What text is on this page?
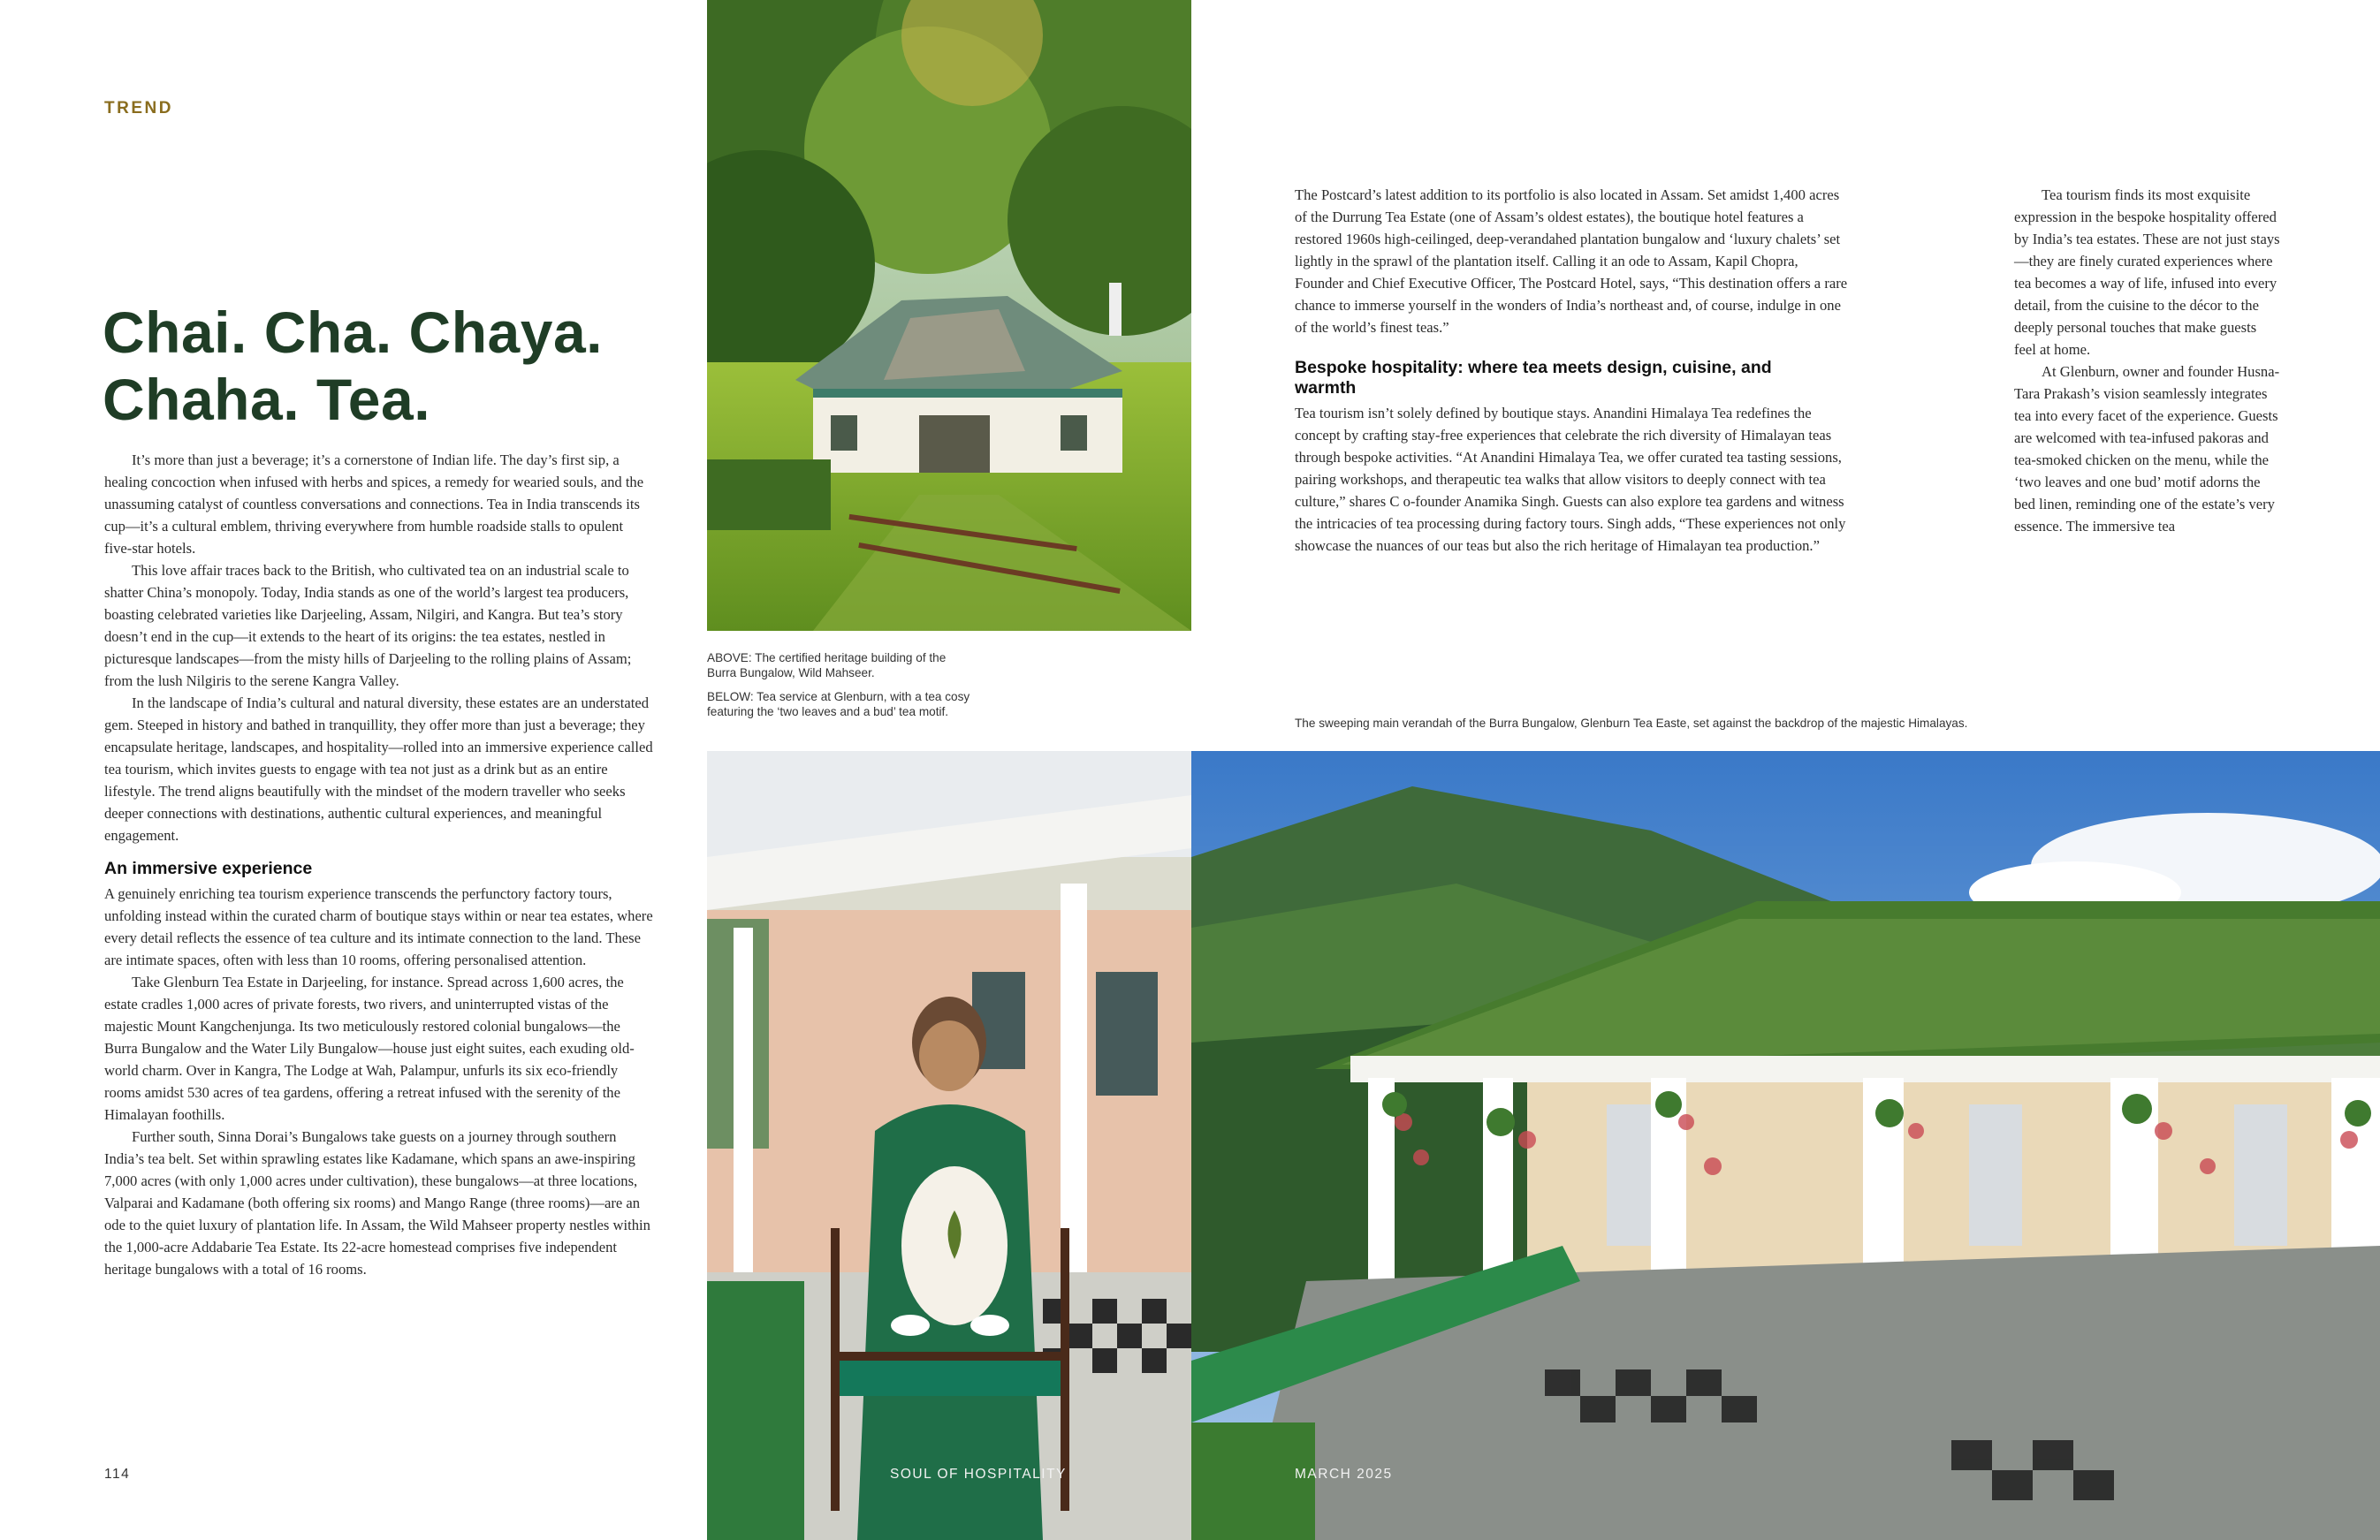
TREND
Chai. Cha. Chaya. Chaha. Tea.

It’s more than just a beverage; it’s a cornerstone of Indian life. The day’s first sip, a healing concoction when infused with herbs and spices, a remedy for wearied souls, and the unassuming catalyst of countless conversations and connections. Tea in India transcends its cup—it’s a cultural emblem, thriving everywhere from humble roadside stalls to opulent five-star hotels.

This love affair traces back to the British, who cultivated tea on an industrial scale to shatter China’s monopoly. Today, India stands as one of the world’s largest tea producers, boasting celebrated varieties like Darjeeling, Assam, Nilgiri, and Kangra. But tea’s story doesn’t end in the cup—it extends to the heart of its origins: the tea estates, nestled in picturesque landscapes—from the misty hills of Darjeeling to the rolling plains of Assam; from the lush Nilgiris to the serene Kangra Valley.

In the landscape of India’s cultural and natural diversity, these estates are an understated gem. Steeped in history and bathed in tranquillity, they offer more than just a beverage; they encapsulate heritage, landscapes, and hospitality—rolled into an immersive experience called tea tourism, which invites guests to engage with tea not just as a drink but as an entire lifestyle. The trend aligns beautifully with the mindset of the modern traveller who seeks deeper connections with destinations, authentic cultural experiences, and meaningful engagement.

An immersive experience

A genuinely enriching tea tourism experience transcends the perfunctory factory tours, unfolding instead within the curated charm of boutique stays within or near tea estates, where every detail reflects the essence of tea culture and its intimate connection to the land. These are intimate spaces, often with less than 10 rooms, offering personalised attention.

Take Glenburn Tea Estate in Darjeeling, for instance. Spread across 1,600 acres, the estate cradles 1,000 acres of private forests, two rivers, and uninterrupted vistas of the majestic Mount Kangchenjunga. Its two meticulously restored colonial bungalows—the Burra Bungalow and the Water Lily Bungalow—house just eight suites, each exuding old-world charm. Over in Kangra, The Lodge at Wah, Palampur, unfurls its six eco-friendly rooms amidst 530 acres of tea gardens, offering a retreat infused with the serenity of the Himalayan foothills.

Further south, Sinna Dorai’s Bungalows take guests on a journey through southern India’s tea belt. Set within sprawling estates like Kadamane, which spans an awe-inspiring 7,000 acres (with only 1,000 acres under cultivation), these bungalows—at three locations, Valparai and Kadamane (both offering six rooms) and Mango Range (three rooms)—are an ode to the quiet luxury of plantation life. In Assam, the Wild Mahseer property nestles within the 1,000-acre Addabarie Tea Estate. Its 22-acre homestead comprises five independent heritage bungalows with a total of 16 rooms.

ABOVE: The certified heritage building of the Burra Bungalow, Wild Mahseer.
BELOW: Tea service at Glenburn, with a tea cosy featuring the ‘two leaves and a bud’ tea motif.

The Postcard’s latest addition to its portfolio is also located in Assam. Set amidst 1,400 acres of the Durrung Tea Estate (one of Assam’s oldest estates), the boutique hotel features a restored 1960s high-ceilinged, deep-verandahed plantation bungalow and ‘luxury chalets’ set lightly in the sprawl of the plantation itself. Calling it an ode to Assam, Kapil Chopra, Founder and Chief Executive Officer, The Postcard Hotel, says, “This destination offers a rare chance to immerse yourself in the wonders of India’s northeast and, of course, indulge in one of the world’s finest teas.”

Bespoke hospitality: where tea meets design, cuisine, and warmth

Tea tourism isn’t solely defined by boutique stays. Anandini Himalaya Tea redefines the concept by crafting stay-free experiences that celebrate the rich diversity of Himalayan teas through bespoke activities. “At Anandini Himalaya Tea, we offer curated tea tasting sessions, pairing workshops, and therapeutic tea walks that allow visitors to deeply connect with tea culture,” shares C o-founder Anamika Singh. Guests can also explore tea gardens and witness the intricacies of tea processing during factory tours. Singh adds, “These experiences not only showcase the nuances of our teas but also the rich heritage of Himalayan tea production.”

Tea tourism finds its most exquisite expression in the bespoke hospitality offered by India’s tea estates. These are not just stays—they are finely curated experiences where tea becomes a way of life, infused into every detail, from the cuisine to the décor to the deeply personal touches that make guests feel at home.

At Glenburn, owner and founder Husna-Tara Prakash’s vision seamlessly integrates tea into every facet of the experience. Guests are welcomed with tea-infused pakoras and tea-smoked chicken on the menu, while the ‘two leaves and one bud’ motif adorns the bed linen, reminding one of the estate’s very essence. The immersive tea

The sweeping main verandah of the Burra Bungalow, Glenburn Tea Easte, set against the backdrop of the majestic Himalayas.
114	SOUL OF HOSPITALITY	MARCH 2025
